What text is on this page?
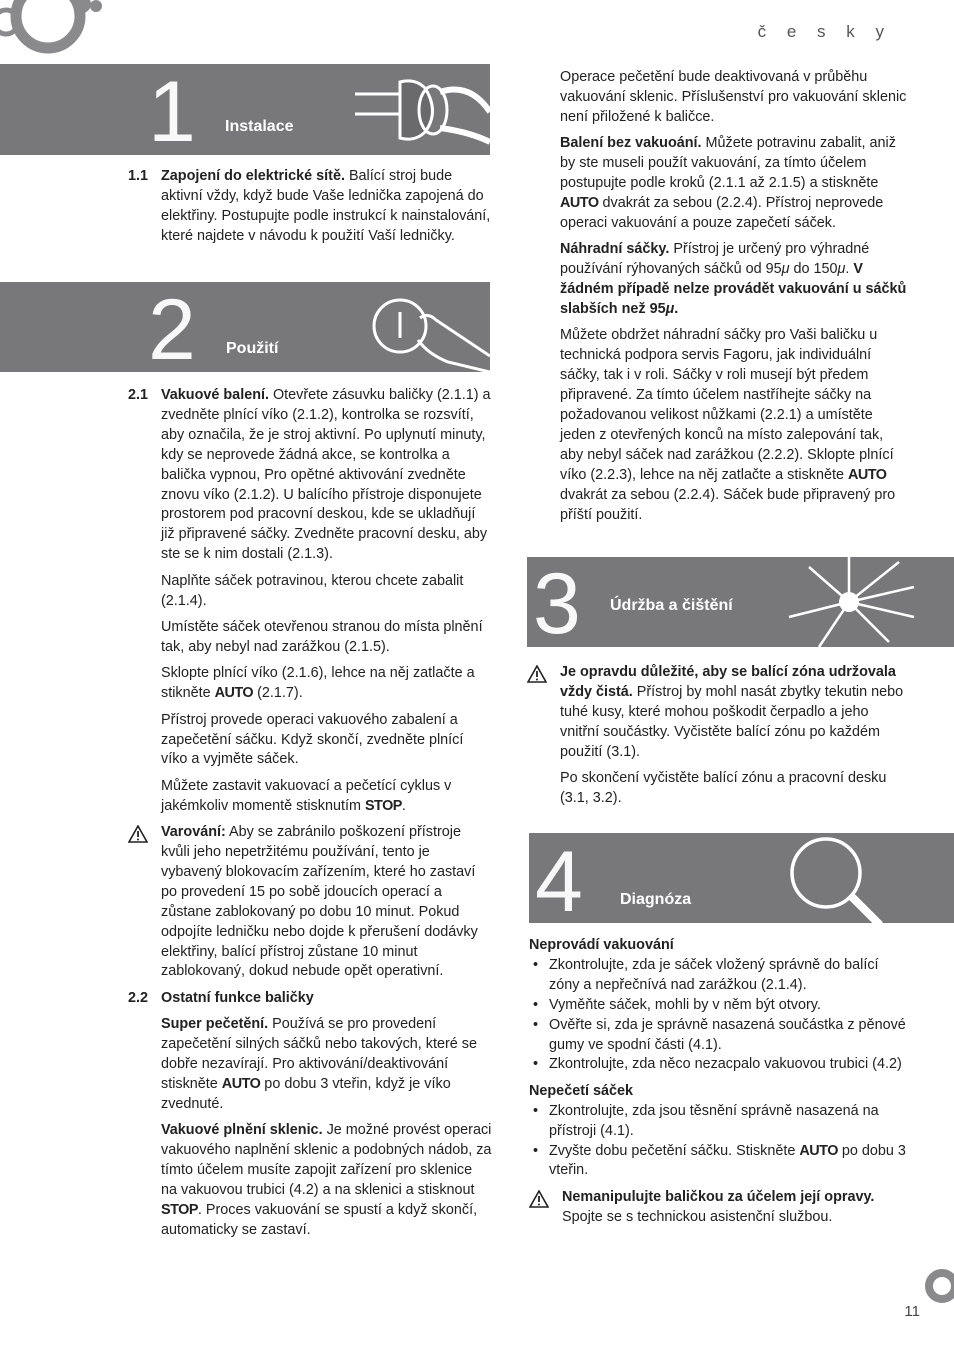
č e s k y
1 Instalace
2 Použití
1.1 Zapojení do elektrické sítě. Balící stroj bude aktivní vždy, když bude Vaše lednička zapojená do elektřiny. Postupujte podle instrukcí k nainstalování, které najdete v návodu k použití Vaší ledničky.
2.1 Vakuové balení. Otevřete zásuvku baličky (2.1.1) a zvedněte plnící víko (2.1.2), kontrolka se rozsvítí, aby označila, že je stroj aktivní. Po uplynutí minuty, kdy se neprovede žádná akce, se kontrolka a balička vypnou, Pro opětné aktivování zvedněte znovu víko (2.1.2). U balícího přístroje disponujete prostorem pod pracovní deskou, kde se ukladňují již připravené sáčky. Zvedněte pracovní desku, aby ste se k nim dostali (2.1.3).
Naplňte sáček potravinou, kterou chcete zabalit (2.1.4).
Umístěte sáček otevřenou stranou do místa plnění tak, aby nebyl nad zarážkou (2.1.5).
Sklopte plnící víko (2.1.6), lehce na něj zatlačte a stikněte AUTO (2.1.7).
Přístroj provede operaci vakuového zabalení a zapečetění sáčku. Když skončí, zvedněte plnící víko a vyjměte sáček.
Můžete zastavit vakuovací a pečetící cyklus v jakémkoliv momentě stisknutím STOP.
Varování: Aby se zabránilo poškození přístroje kvůli jeho nepetržitému používání, tento je vybavený blokovacím zařízením, které ho zastaví po provedení 15 po sobě jdoucích operací a zůstane zablokovaný po dobu 10 minut. Pokud odpojíte ledničku nebo dojde k přerušení dodávky elektřiny, balící přístroj zůstane 10 minut zablokovaný, dokud nebude opět operativní.
2.2 Ostatní funkce baličky
Super pečetění. Používá se pro provedení zapečetění silných sáčků nebo takových, které se dobře nezavírají. Pro aktivování/deaktivování stiskněte AUTO po dobu 3 vteřin, když je víko zvednuté.
Vakuové plnění sklenic. Je možné provést operaci vakuového naplnění sklenic a podobných nádob, za tímto účelem musíte zapojit zařízení pro sklenice na vakuovou trubici (4.2) a na sklenici a stisknout STOP. Proces vakuování se spustí a když skončí, automaticky se zastaví.
Operace pečetění bude deaktivovaná v průběhu vakuování sklenic. Příslušenství pro vakuování sklenic není přiložené k baličce.
Balení bez vakuoání. Můžete potravinu zabalit, aniž by ste museli použít vakuování, za tímto účelem postupujte podle kroků (2.1.1 až 2.1.5) a stiskněte AUTO dvakrát za sebou (2.2.4). Přístroj neprovede operaci vakuování a pouze zapečetí sáček.
Náhradní sáčky. Přístroj je určený pro výhradné používání rýhovaných sáčků od 95μ do 150μ. V žádném případě nelze provádět vakuování u sáčků slabších než 95μ.
Můžete obdržet náhradní sáčky pro Vaši baličku u technická podpora servis Fagoru, jak individuální sáčky, tak i v roli. Sáčky v roli musejí být předem připravené. Za tímto účelem nastříhejte sáčky na požadovanou velikost nůžkami (2.2.1) a umístěte jeden z otevřených konců na místo zalepování tak, aby nebyl sáček nad zarážkou (2.2.2). Sklopte plnící víko (2.2.3), lehce na něj zatlačte a stiskněte AUTO dvakrát za sebou (2.2.4). Sáček bude připravený pro příští použití.
3 Údržba a čištění
Je opravdu důležité, aby se balící zóna udržovala vždy čistá. Přístroj by mohl nasát zbytky tekutin nebo tuhé kusy, které mohou poškodit čerpadlo a jeho vnitřní součástky. Vyčistěte balící zónu po každém použití (3.1).
Po skončení vyčistěte balící zónu a pracovní desku (3.1, 3.2).
4 Diagnóza
Neprovádí vakuování
• Zkontrolujte, zda je sáček vložený správně do balící zóny a nepřečnívá nad zarážkou (2.1.4).
• Vyměňte sáček, mohli by v něm být otvory.
• Ověřte si, zda je správně nasazená součástka z pěnové gumy ve spodní části (4.1).
• Zkontrolujte, zda něco nezacpalo vakuovou trubici (4.2)
Nepečetí sáček
• Zkontrolujte, zda jsou těsnění správně nasazená na přístroji (4.1).
• Zvyšte dobu pečetění sáčku. Stiskněte AUTO po dobu 3 vteřin.
Nemanipulujte baličkou za účelem její opravy. Spojte se s technickou asistenční službou.
11
